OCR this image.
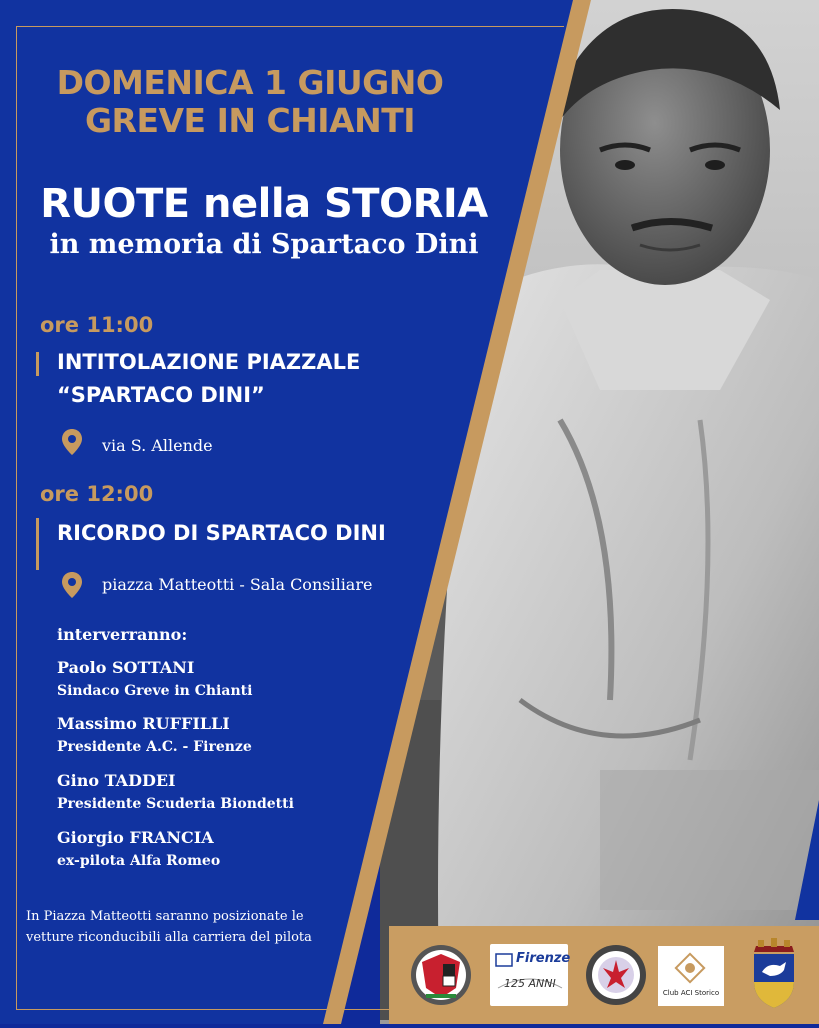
DOMENICA 1 GIUGNO
GREVE IN CHIANTI
RUOTE nella STORIA
in memoria di Spartaco Dini
ore 11:00
INTITOLAZIONE PIAZZALE
“SPARTACO DINI”
via S. Allende
ore 12:00
RICORDO DI SPARTACO DINI
piazza Matteotti - Sala Consiliare
interverranno:
Paolo SOTTANI
Sindaco Greve in Chianti
Massimo RUFFILLI
Presidente A.C. - Firenze
Gino TADDEI
Presidente Scuderia Biondetti
Giorgio FRANCIA
ex-pilota Alfa Romeo
In Piazza Matteotti saranno posizionate le
vetture riconducibili alla carriera del pilota
Firenze
125 ANNI
Club ACI Storico
